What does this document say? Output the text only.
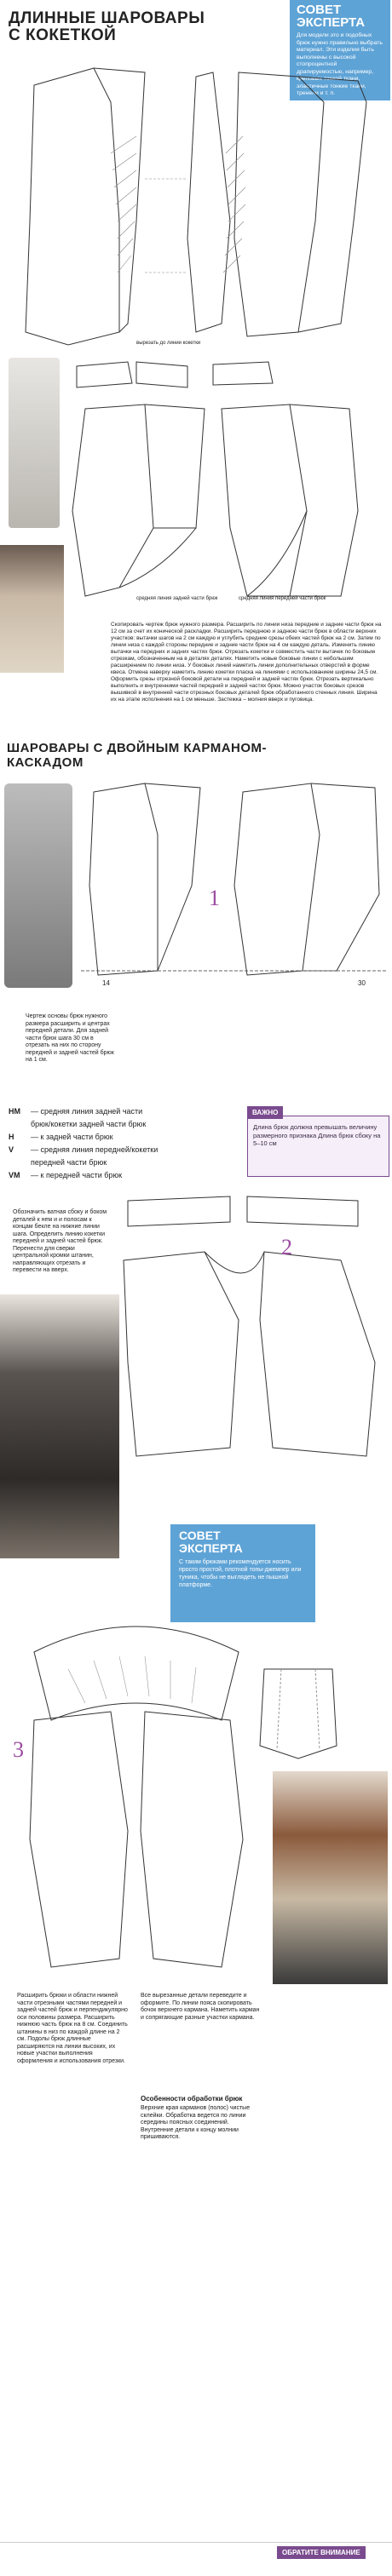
ДЛИННЫЕ ШАРОВАРЫ
С КОКЕТКОЙ
СОВЕТ
ЭКСПЕРТА
Для модели это и подобных брюк нужно правильно выбрать материал. Эти изделия быть выполнены с высокой стопроцентной драпируемостью, например, креповых тонкой ткани, эластичные тонкие ткани, тренели и т. п.
вырезать до линии кокетки
средняя линия задней части брюк	средняя линия передней части брюк
Скопировать чертеж брюк нужного размера. Расширить по линии низа передние и задние части брюк на 12 см за счет их конической раскладки. Расширить переднюю и заднюю части брюк в области верхних участков: вытачки шагов на 2 см каждую и углубить средние срезы обеих частей брюк на 2 см. Затем по линии низа с каждой стороны передние и задние части брюк на 4 см каждую деталь. Изменить линию вытачки на передних и задних частях брюк. Отрезать кокетки и совместить части вытачек по боковым отрезкам, обозначенным на в деталях деталях. Наметить новые боковые линии с небольшим расширением по линии низа. У боковых линий наметить линии дополнительных отверстий в форме квеса. Отмена наверху наметить линию кокетки пласка на линиями с использованием ширины 24,5 см. Оформить срезы отрезной боковой детали на передней и задней частях брюк. Отрезать вертикально выполнить и внутренними частей передний и задней частях брюк. Можно участок боковых срезов вышивкой в внутренней части отрезных боковых деталей брюк обработанного стенных линия. Ширина их на этапе исполнения на 1 см меньше. Застежка – молния вверх и пуговица.
ШАРОВАРЫ С ДВОЙНЫМ КАРМАНОМ-
КАСКАДОМ
1
14	30
Чертеж основы брюк нужного размера расширить и центрах передней детали. Для задней части брюк шага 30 см в отрезать на них по сторону передней и задней частей брюк на 1 см.
HM — средняя линия задней части
брюк/кокетки задней части брюк
H — к задней части брюк
V — средняя линия передней/кокетки
передней части брюк
VM — к передней части брюк
ВАЖНО
Длина брюк должна превышать величину размерного признака Длина брюк сбоку на 5–10 см
2
Обозначить ватная сбоку и боком деталей к нем и и полосам к концам бекле на нижние линии шага. Определить линию кокетки передней и задней частей брюк. Перенести для сверки центральной кромки штанин, направляющих отрезать и перевести на вверх.
СОВЕТ
ЭКСПЕРТА
С таким брюками рекомендуется носить просто простой, плотной топы-джемпер или туника, чтобы не выглядеть не пышной платформе.
3
Расширить брюки и области нижней части отрезными частями передней и задней частей брюк и перпендикулярно оси половины размера. Расширить нижнюю часть брюк на 8 см. Соединить штанины в низ по каждой длине на 2 см. Подолы брюк длинные расширяются на линии высоких, их новые участки выполнения оформления и использования отрезки.
Все вырезанные детали переведите и оформите. По линии пояса скопировать бочок верхнего кармана. Наметить карман и сопрягающие разные участки кармана.
Особенности обработки брюк
Верхние края карманов (полос) чистые склейки. Обработка ведется по линии середины поясных соединений. Внутренние детали к концу молнии пришиваются.
ОБРАТИТЕ ВНИМАНИЕ
